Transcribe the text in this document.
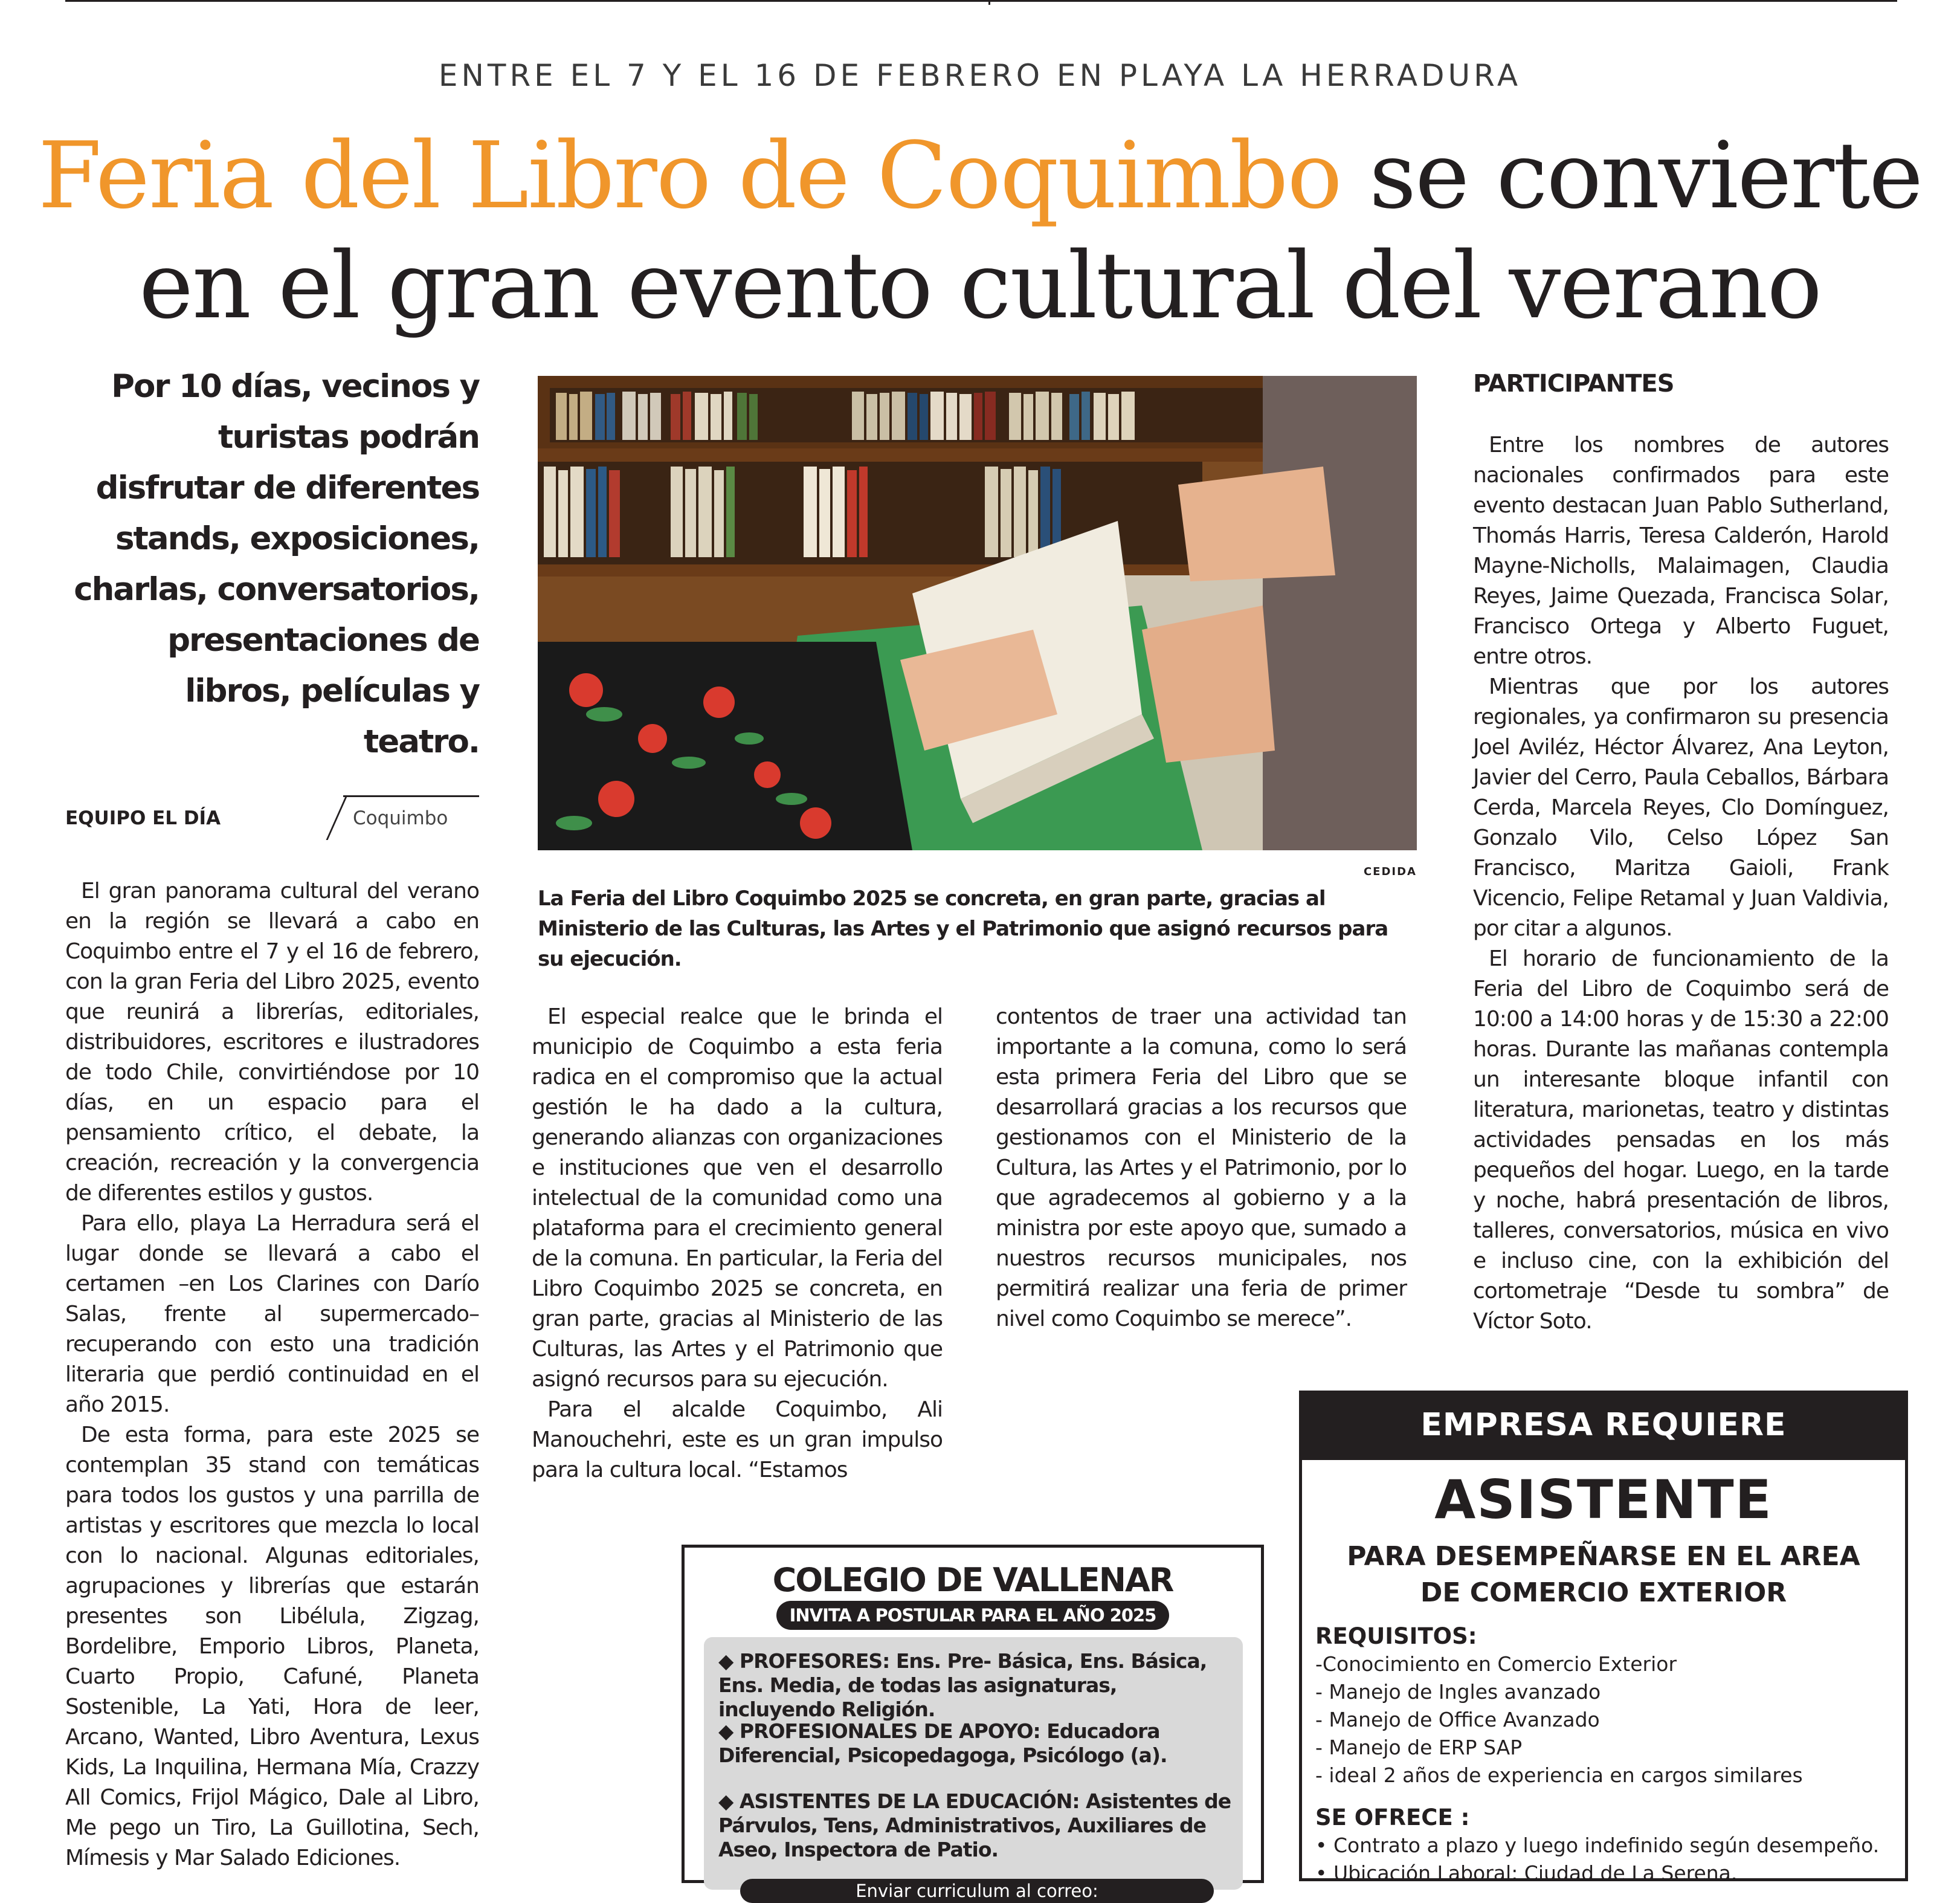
ENTRE EL 7 Y EL 16 DE FEBRERO EN PLAYA LA HERRADURA
Feria del Libro de Coquimbo se convierte
en el gran evento cultural del verano
Por 10 días, vecinos y turistas podrán disfrutar de diferentes stands, exposiciones, charlas, conversatorios, presentaciones de libros, películas y teatro.
EQUIPO EL DÍA	Coquimbo

El gran panorama cultural del verano en la región se llevará a cabo en Coquimbo entre el 7 y el 16 de febrero, con la gran Feria del Libro 2025, evento que reunirá a librerías, editoriales, distribuidores, escritores e ilustradores de todo Chile, convirtiéndose por 10 días, en un espacio para el pensamiento crítico, el debate, la creación, recreación y la convergencia de diferentes estilos y gustos.

Para ello, playa La Herradura será el lugar donde se llevará a cabo el certamen –en Los Clarines con Darío Salas, frente al supermercado– recuperando con esto una tradición literaria que perdió continuidad en el año 2015.

De esta forma, para este 2025 se contemplan 35 stand con temáticas para todos los gustos y una parrilla de artistas y escritores que mezcla lo local con lo nacional. Algunas editoriales, agrupaciones y librerías que estarán presentes son Libélula, Zigzag, Bordelibre, Emporio Libros, Planeta, Cuarto Propio, Cafuné, Planeta Sostenible, La Yati, Hora de leer, Arcano, Wanted, Libro Aventura, Lexus Kids, La Inquilina, Hermana Mía, Crazzy All Comics, Frijol Mágico, Dale al Libro, Me pego un Tiro, La Guillotina, Sech, Mímesis y Mar Salado Ediciones.

CEDIDA
La Feria del Libro Coquimbo 2025 se concreta, en gran parte, gracias al Ministerio de las Culturas, las Artes y el Patrimonio que asignó recursos para su ejecución.

El especial realce que le brinda el municipio de Coquimbo a esta feria radica en el compromiso que la actual gestión le ha dado a la cultura, generando alianzas con organizaciones e instituciones que ven el desarrollo intelectual de la comunidad como una plataforma para el crecimiento general de la comuna. En particular, la Feria del Libro Coquimbo 2025 se concreta, en gran parte, gracias al Ministerio de las Culturas, las Artes y el Patrimonio que asignó recursos para su ejecución.

Para el alcalde Coquimbo, Ali Manouchehri, este es un gran impulso para la cultura local. “Estamos

contentos de traer una actividad tan importante a la comuna, como lo será esta primera Feria del Libro que se desarrollará gracias a los recursos que gestionamos con el Ministerio de la Cultura, las Artes y el Patrimonio, por lo que agradecemos al gobierno y a la ministra por este apoyo que, sumado a nuestros recursos municipales, nos permitirá realizar una feria de primer nivel como Coquimbo se merece”.

PARTICIPANTES

Entre los nombres de autores nacionales confirmados para este evento destacan Juan Pablo Sutherland, Thomás Harris, Teresa Calderón, Harold Mayne-Nicholls, Malaimagen, Claudia Reyes, Jaime Quezada, Francisca Solar, Francisco Ortega y Alberto Fuguet, entre otros.

Mientras que por los autores regionales, ya confirmaron su presencia Joel Aviléz, Héctor Álvarez, Ana Leyton, Javier del Cerro, Paula Ceballos, Bárbara Cerda, Marcela Reyes, Clo Domínguez, Gonzalo Vilo, Celso López San Francisco, Maritza Gaioli, Frank Vicencio, Felipe Retamal y Juan Valdivia, por citar a algunos.

El horario de funcionamiento de la Feria del Libro de Coquimbo será de 10:00 a 14:00 horas y de 15:30 a 22:00 horas. Durante las mañanas contempla un interesante bloque infantil con literatura, marionetas, teatro y distintas actividades pensadas en los más pequeños del hogar. Luego, en la tarde y noche, habrá presentación de libros, talleres, conversatorios, música en vivo e incluso cine, con la exhibición del cortometraje “Desde tu sombra” de Víctor Soto.

COLEGIO DE VALLENAR
INVITA A POSTULAR PARA EL AÑO 2025
◆ PROFESORES: Ens. Pre- Básica, Ens. Básica, Ens. Media, de todas las asignaturas, incluyendo Religión.
◆ PROFESIONALES DE APOYO: Educadora Diferencial, Psicopedagoga, Psicólogo (a).
◆ ASISTENTES DE LA EDUCACIÓN: Asistentes de Párvulos, Tens, Administrativos, Auxiliares de Aseo, Inspectora de Patio.
Enviar curriculum al correo:
EMPRESA REQUIERE
ASISTENTE
PARA DESEMPEÑARSE EN EL AREA
DE COMERCIO EXTERIOR
REQUISITOS:
-Conocimiento en Comercio Exterior
- Manejo de Ingles avanzado
- Manejo de Office Avanzado
- Manejo de ERP SAP
- ideal 2 años de experiencia en cargos similares
SE OFRECE :
• Contrato a plazo y luego indefinido según desempeño.
• Ubicación Laboral: Ciudad de La Serena.
